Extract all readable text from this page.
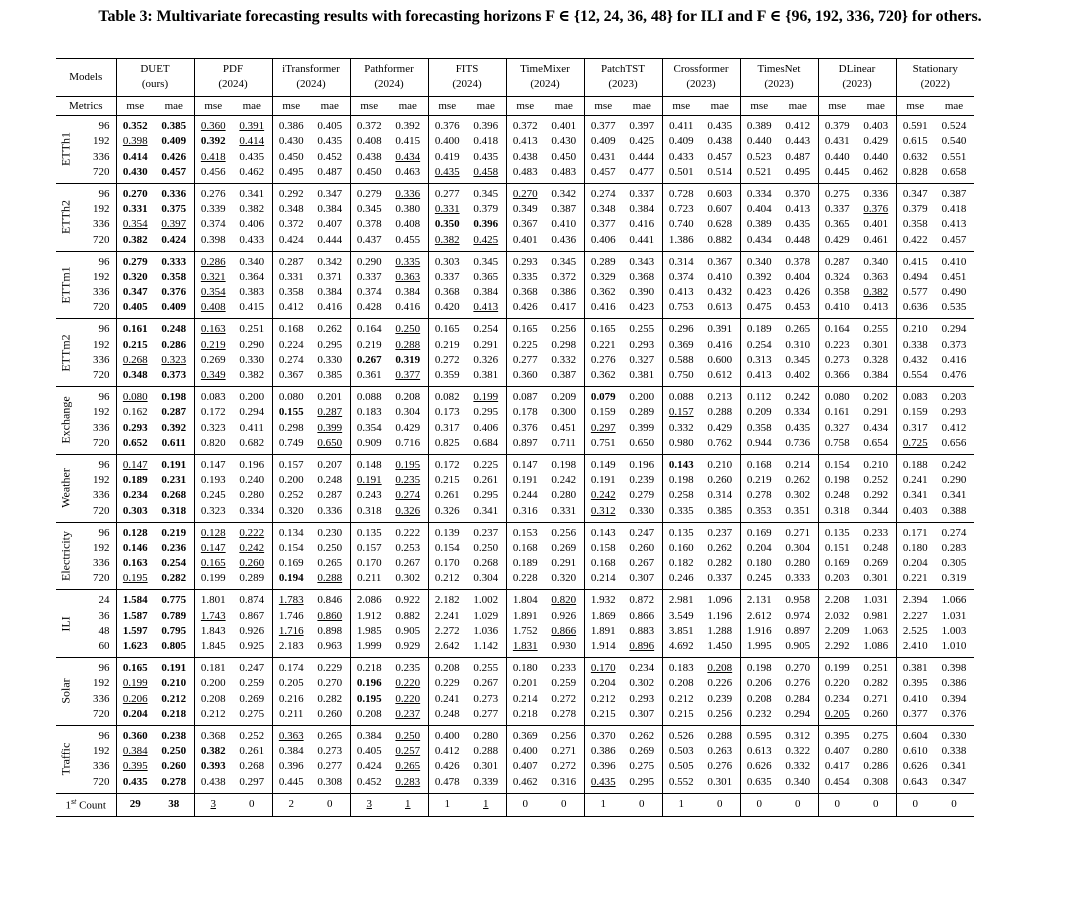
Table 3: Multivariate forecasting results with forecasting horizons F ∈ {12, 24, 36, 48} for ILI and F ∈ {96, 192, 336, 720} for others.
Models		DUET		PDF		iTransformer		Pathformer		FITS		TimeMixer		PatchTST		Crossformer		TimesNet		DLinear		Stationary	
		(ours)		(2024)		(2024)		(2024)		(2024)		(2024)		(2023)		(2023)		(2023)		(2023)		(2022)	
Metrics		mse	mae	mse	mae	mse	mae	mse	mae	mse	mae	mse	mae	mse	mae	mse	mae	mse	mae	mse	mae	mse	mae

ETTh1	96	0.352	0.385	0.360	0.391	0.386	0.405	0.372	0.392	0.376	0.396	0.372	0.401	0.377	0.397	0.411	0.435	0.389	0.412	0.379	0.403	0.591	0.524
	192	0.398	0.409	0.392	0.414	0.430	0.435	0.408	0.415	0.400	0.418	0.413	0.430	0.409	0.425	0.409	0.438	0.440	0.443	0.431	0.429	0.615	0.540
	336	0.414	0.426	0.418	0.435	0.450	0.452	0.438	0.434	0.419	0.435	0.438	0.450	0.431	0.444	0.433	0.457	0.523	0.487	0.440	0.440	0.632	0.551
	720	0.430	0.457	0.456	0.462	0.495	0.487	0.450	0.463	0.435	0.458	0.483	0.483	0.457	0.477	0.501	0.514	0.521	0.495	0.445	0.462	0.828	0.658

ETTh2	96	0.270	0.336	0.276	0.341	0.292	0.347	0.279	0.336	0.277	0.345	0.270	0.342	0.274	0.337	0.728	0.603	0.334	0.370	0.275	0.336	0.347	0.387
	192	0.331	0.375	0.339	0.382	0.348	0.384	0.345	0.380	0.331	0.379	0.349	0.387	0.348	0.384	0.723	0.607	0.404	0.413	0.337	0.376	0.379	0.418
	336	0.354	0.397	0.374	0.406	0.372	0.407	0.378	0.408	0.350	0.396	0.367	0.410	0.377	0.416	0.740	0.628	0.389	0.435	0.365	0.401	0.358	0.413
	720	0.382	0.424	0.398	0.433	0.424	0.444	0.437	0.455	0.382	0.425	0.401	0.436	0.406	0.441	1.386	0.882	0.434	0.448	0.429	0.461	0.422	0.457

ETTm1	96	0.279	0.333	0.286	0.340	0.287	0.342	0.290	0.335	0.303	0.345	0.293	0.345	0.289	0.343	0.314	0.367	0.340	0.378	0.287	0.340	0.415	0.410
	192	0.320	0.358	0.321	0.364	0.331	0.371	0.337	0.363	0.337	0.365	0.335	0.372	0.329	0.368	0.374	0.410	0.392	0.404	0.324	0.363	0.494	0.451
	336	0.347	0.376	0.354	0.383	0.358	0.384	0.374	0.384	0.368	0.384	0.368	0.386	0.362	0.390	0.413	0.432	0.423	0.426	0.358	0.382	0.577	0.490
	720	0.405	0.409	0.408	0.415	0.412	0.416	0.428	0.416	0.420	0.413	0.426	0.417	0.416	0.423	0.753	0.613	0.475	0.453	0.410	0.413	0.636	0.535

ETTm2	96	0.161	0.248	0.163	0.251	0.168	0.262	0.164	0.250	0.165	0.254	0.165	0.256	0.165	0.255	0.296	0.391	0.189	0.265	0.164	0.255	0.210	0.294
	192	0.215	0.286	0.219	0.290	0.224	0.295	0.219	0.288	0.219	0.291	0.225	0.298	0.221	0.293	0.369	0.416	0.254	0.310	0.223	0.301	0.338	0.373
	336	0.268	0.323	0.269	0.330	0.274	0.330	0.267	0.319	0.272	0.326	0.277	0.332	0.276	0.327	0.588	0.600	0.313	0.345	0.273	0.328	0.432	0.416
	720	0.348	0.373	0.349	0.382	0.367	0.385	0.361	0.377	0.359	0.381	0.360	0.387	0.362	0.381	0.750	0.612	0.413	0.402	0.366	0.384	0.554	0.476

Exchange	96	0.080	0.198	0.083	0.200	0.080	0.201	0.088	0.208	0.082	0.199	0.087	0.209	0.079	0.200	0.088	0.213	0.112	0.242	0.080	0.202	0.083	0.203
	192	0.162	0.287	0.172	0.294	0.155	0.287	0.183	0.304	0.173	0.295	0.178	0.300	0.159	0.289	0.157	0.288	0.209	0.334	0.161	0.291	0.159	0.293
	336	0.293	0.392	0.323	0.411	0.298	0.399	0.354	0.429	0.317	0.406	0.376	0.451	0.297	0.399	0.332	0.429	0.358	0.435	0.327	0.434	0.317	0.412
	720	0.652	0.611	0.820	0.682	0.749	0.650	0.909	0.716	0.825	0.684	0.897	0.711	0.751	0.650	0.980	0.762	0.944	0.736	0.758	0.654	0.725	0.656

Weather	96	0.147	0.191	0.147	0.196	0.157	0.207	0.148	0.195	0.172	0.225	0.147	0.198	0.149	0.196	0.143	0.210	0.168	0.214	0.154	0.210	0.188	0.242
	192	0.189	0.231	0.193	0.240	0.200	0.248	0.191	0.235	0.215	0.261	0.191	0.242	0.191	0.239	0.198	0.260	0.219	0.262	0.198	0.252	0.241	0.290
	336	0.234	0.268	0.245	0.280	0.252	0.287	0.243	0.274	0.261	0.295	0.244	0.280	0.242	0.279	0.258	0.314	0.278	0.302	0.248	0.292	0.341	0.341
	720	0.303	0.318	0.323	0.334	0.320	0.336	0.318	0.326	0.326	0.341	0.316	0.331	0.312	0.330	0.335	0.385	0.353	0.351	0.318	0.344	0.403	0.388

Electricity	96	0.128	0.219	0.128	0.222	0.134	0.230	0.135	0.222	0.139	0.237	0.153	0.256	0.143	0.247	0.135	0.237	0.169	0.271	0.135	0.233	0.171	0.274
	192	0.146	0.236	0.147	0.242	0.154	0.250	0.157	0.253	0.154	0.250	0.168	0.269	0.158	0.260	0.160	0.262	0.204	0.304	0.151	0.248	0.180	0.283
	336	0.163	0.254	0.165	0.260	0.169	0.265	0.170	0.267	0.170	0.268	0.189	0.291	0.168	0.267	0.182	0.282	0.180	0.280	0.169	0.269	0.204	0.305
	720	0.195	0.282	0.199	0.289	0.194	0.288	0.211	0.302	0.212	0.304	0.228	0.320	0.214	0.307	0.246	0.337	0.245	0.333	0.203	0.301	0.221	0.319

ILI	24	1.584	0.775	1.801	0.874	1.783	0.846	2.086	0.922	2.182	1.002	1.804	0.820	1.932	0.872	2.981	1.096	2.131	0.958	2.208	1.031	2.394	1.066
	36	1.587	0.789	1.743	0.867	1.746	0.860	1.912	0.882	2.241	1.029	1.891	0.926	1.869	0.866	3.549	1.196	2.612	0.974	2.032	0.981	2.227	1.031
	48	1.597	0.795	1.843	0.926	1.716	0.898	1.985	0.905	2.272	1.036	1.752	0.866	1.891	0.883	3.851	1.288	1.916	0.897	2.209	1.063	2.525	1.003
	60	1.623	0.805	1.845	0.925	2.183	0.963	1.999	0.929	2.642	1.142	1.831	0.930	1.914	0.896	4.692	1.450	1.995	0.905	2.292	1.086	2.410	1.010

Solar	96	0.165	0.191	0.181	0.247	0.174	0.229	0.218	0.235	0.208	0.255	0.180	0.233	0.170	0.234	0.183	0.208	0.198	0.270	0.199	0.251	0.381	0.398
	192	0.199	0.210	0.200	0.259	0.205	0.270	0.196	0.220	0.229	0.267	0.201	0.259	0.204	0.302	0.208	0.226	0.206	0.276	0.220	0.282	0.395	0.386
	336	0.206	0.212	0.208	0.269	0.216	0.282	0.195	0.220	0.241	0.273	0.214	0.272	0.212	0.293	0.212	0.239	0.208	0.284	0.234	0.271	0.410	0.394
	720	0.204	0.218	0.212	0.275	0.211	0.260	0.208	0.237	0.248	0.277	0.218	0.278	0.215	0.307	0.215	0.256	0.232	0.294	0.205	0.260	0.377	0.376

Traffic	96	0.360	0.238	0.368	0.252	0.363	0.265	0.384	0.250	0.400	0.280	0.369	0.256	0.370	0.262	0.526	0.288	0.595	0.312	0.395	0.275	0.604	0.330
	192	0.384	0.250	0.382	0.261	0.384	0.273	0.405	0.257	0.412	0.288	0.400	0.271	0.386	0.269	0.503	0.263	0.613	0.322	0.407	0.280	0.610	0.338
	336	0.395	0.260	0.393	0.268	0.396	0.277	0.424	0.265	0.426	0.301	0.407	0.272	0.396	0.275	0.505	0.276	0.626	0.332	0.417	0.286	0.626	0.341
	720	0.435	0.278	0.438	0.297	0.445	0.308	0.452	0.283	0.478	0.339	0.462	0.316	0.435	0.295	0.552	0.301	0.635	0.340	0.454	0.308	0.643	0.347
1st Count		29	38	3	0	2	0	3	1	1	1	0	0	1	0	1	0	0	0	0	0	0	0
